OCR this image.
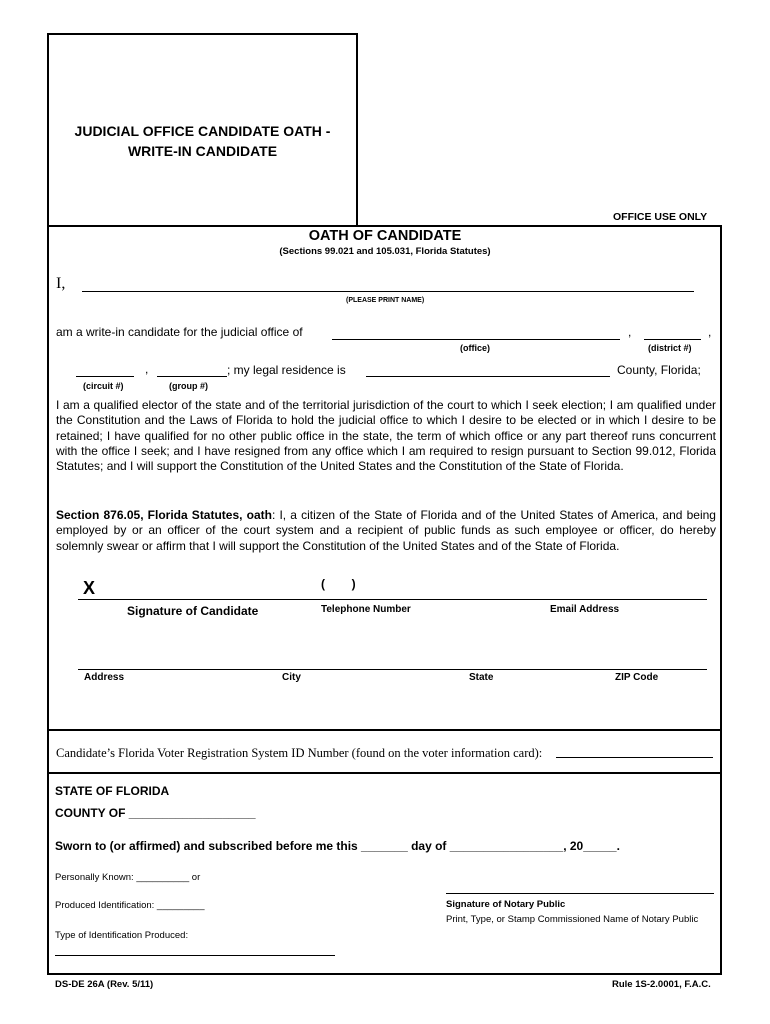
JUDICIAL OFFICE CANDIDATE OATH -
WRITE-IN CANDIDATE
OFFICE USE ONLY
OATH OF CANDIDATE
(Sections 99.021 and 105.031, Florida Statutes)
I,
(PLEASE PRINT NAME)
am a write-in candidate for the judicial office of	,	,
(office)	(district #)
,	; my legal residence is	County, Florida;
(circuit #)	(group #)
I am a qualified elector of the state and of the territorial jurisdiction of the court to which I seek election; I am qualified under the Constitution and the Laws of Florida to hold the judicial office to which I desire to be elected or in which I desire to be retained; I have qualified for no other public office in the state, the term of which office or any part thereof runs concurrent with the office I seek; and I have resigned from any office which I am required to resign pursuant to Section 99.012, Florida Statutes; and I will support the Constitution of the United States and the Constitution of the State of Florida.
Section 876.05, Florida Statutes, oath: I, a citizen of the State of Florida and of the United States of America, and being employed by or an officer of the court system and a recipient of public funds as such employee or officer, do hereby solemnly swear or affirm that I will support the Constitution of the United States and of the State of Florida.
X	(        )
Signature of Candidate	Telephone Number	Email Address
Address	City	State	ZIP Code
Candidate’s Florida Voter Registration System ID Number (found on the voter information card):
STATE OF FLORIDA
COUNTY OF ___________________
Sworn to (or affirmed) and subscribed before me this _______ day of _________________, 20_____.
Personally Known: __________ or
Produced Identification: _________
Type of Identification Produced:
Signature of Notary Public
Print, Type, or Stamp Commissioned Name of Notary Public
DS-DE 26A (Rev. 5/11)	Rule 1S-2.0001, F.A.C.
